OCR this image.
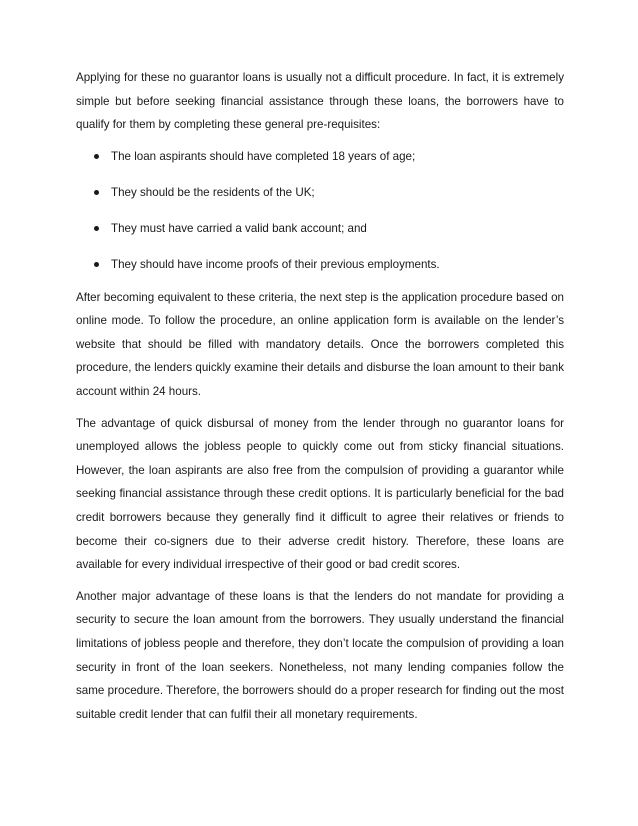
Applying for these no guarantor loans is usually not a difficult procedure. In fact, it is extremely simple but before seeking financial assistance through these loans, the borrowers have to qualify for them by completing these general pre-requisites:

The loan aspirants should have completed 18 years of age;
They should be the residents of the UK;
They must have carried a valid bank account; and
They should have income proofs of their previous employments.

After becoming equivalent to these criteria, the next step is the application procedure based on online mode. To follow the procedure, an online application form is available on the lender’s website that should be filled with mandatory details. Once the borrowers completed this procedure, the lenders quickly examine their details and disburse the loan amount to their bank account within 24 hours.

The advantage of quick disbursal of money from the lender through no guarantor loans for unemployed allows the jobless people to quickly come out from sticky financial situations. However, the loan aspirants are also free from the compulsion of providing a guarantor while seeking financial assistance through these credit options. It is particularly beneficial for the bad credit borrowers because they generally find it difficult to agree their relatives or friends to become their co-signers due to their adverse credit history. Therefore, these loans are available for every individual irrespective of their good or bad credit scores.

Another major advantage of these loans is that the lenders do not mandate for providing a security to secure the loan amount from the borrowers. They usually understand the financial limitations of jobless people and therefore, they don’t locate the compulsion of providing a loan security in front of the loan seekers. Nonetheless, not many lending companies follow the same procedure. Therefore, the borrowers should do a proper research for finding out the most suitable credit lender that can fulfil their all monetary requirements.
